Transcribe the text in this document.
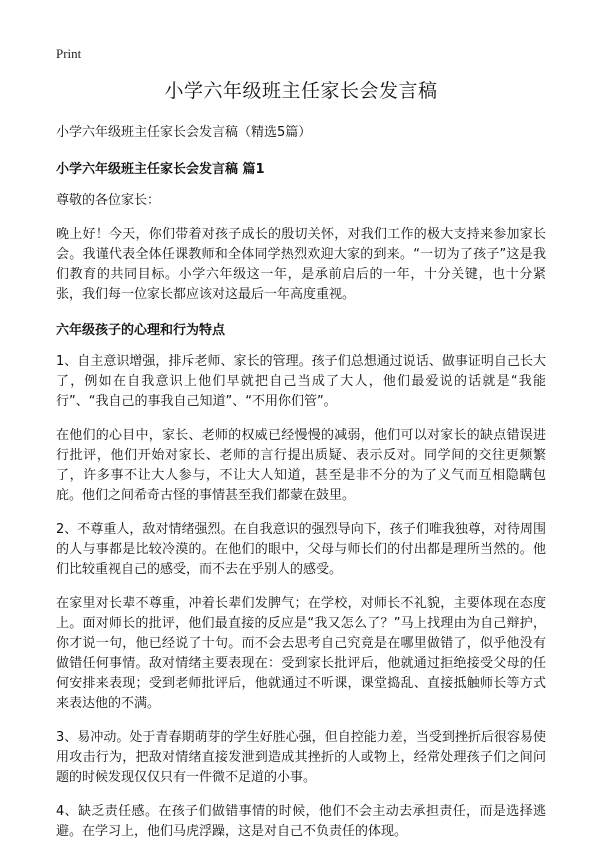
Print
小学六年级班主任家长会发言稿
小学六年级班主任家长会发言稿（精选5篇）
小学六年级班主任家长会发言稿 篇1

尊敬的各位家长：

晚上好！今天，你们带着对孩子成长的殷切关怀，对我们工作的极大支持来参加家长会。我谨代表全体任课教师和全体同学热烈欢迎大家的到来。“一切为了孩子”这是我们教育的共同目标。小学六年级这一年，是承前启后的一年，十分关键，也十分紧张，我们每一位家长都应该对这最后一年高度重视。

六年级孩子的心理和行为特点

1、自主意识增强，排斥老师、家长的管理。孩子们总想通过说话、做事证明自己长大了，例如在自我意识上他们早就把自己当成了大人，他们最爱说的话就是“我能行”、“我自己的事我自己知道”、“不用你们管”。

在他们的心目中，家长、老师的权威已经慢慢的减弱，他们可以对家长的缺点错误进行批评，他们开始对家长、老师的言行提出质疑、表示反对。同学间的交往更频繁了，许多事不让大人参与，不让大人知道，甚至是非不分的为了义气而互相隐瞒包庇。他们之间希奇古怪的事情甚至我们都蒙在鼓里。

2、不尊重人，敌对情绪强烈。在自我意识的强烈导向下，孩子们唯我独尊，对待周围的人与事都是比较冷漠的。在他们的眼中，父母与师长们的付出都是理所当然的。他们比较重视自己的感受，而不去在乎别人的感受。

在家里对长辈不尊重，冲着长辈们发脾气；在学校，对师长不礼貌，主要体现在态度上。面对师长的批评，他们最直接的反应是“我又怎么了？”马上找理由为自己辩护，你才说一句，他已经说了十句。而不会去思考自己究竟是在哪里做错了，似乎他没有做错任何事情。敌对情绪主要表现在：受到家长批评后，他就通过拒绝接受父母的任何安排来表现；受到老师批评后，他就通过不听课，课堂捣乱、直接抵触师长等方式来表达他的不满。

3、易冲动。处于青春期萌芽的学生好胜心强，但自控能力差，当受到挫折后很容易使用攻击行为，把敌对情绪直接发泄到造成其挫折的人或物上，经常处理孩子们之间问题的时候发现仅仅只有一件微不足道的小事。

4、缺乏责任感。在孩子们做错事情的时候，他们不会主动去承担责任，而是选择逃避。在学习上，他们马虎浮躁，这是对自己不负责任的体现。
